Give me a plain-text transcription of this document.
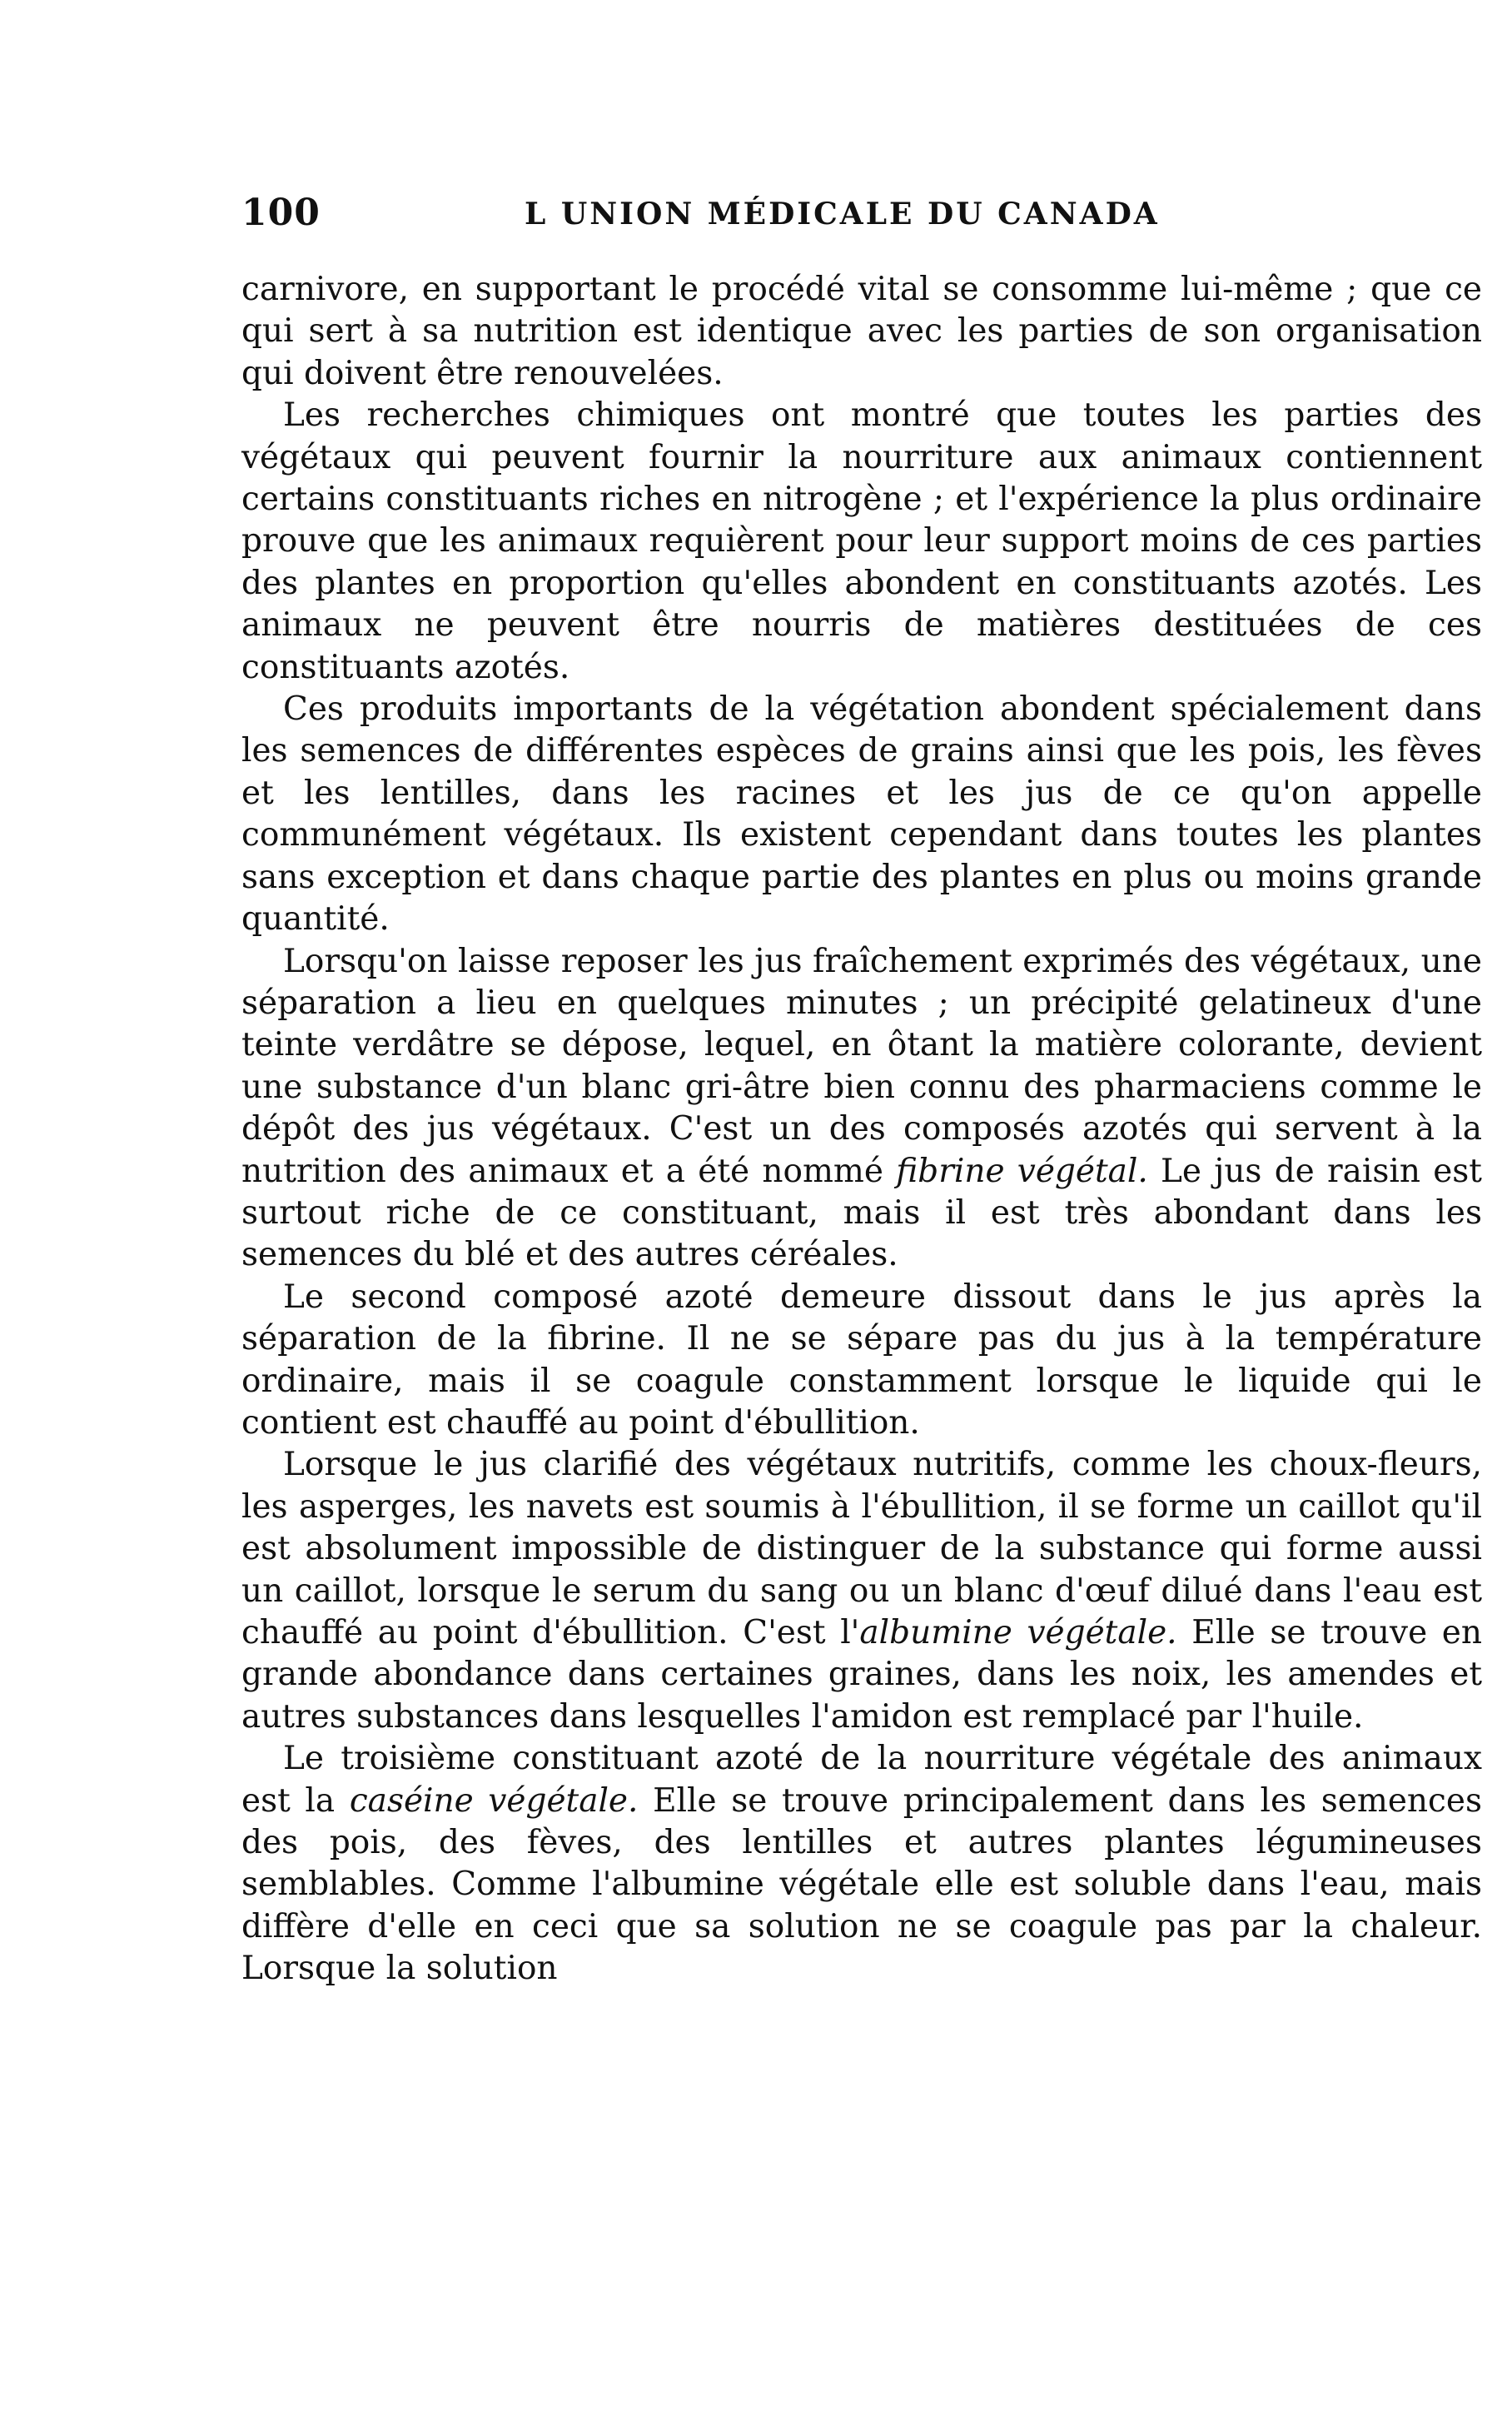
100	L UNION MÉDICALE DU CANADA

carnivore, en supportant le procédé vital se consomme lui-même ; que ce qui sert à sa nutrition est identique avec les parties de son organisation qui doivent être renouvelées.

Les recherches chimiques ont montré que toutes les parties des végétaux qui peuvent fournir la nourriture aux animaux contiennent certains constituants riches en nitrogène ; et l'expérience la plus ordinaire prouve que les animaux requièrent pour leur support moins de ces parties des plantes en proportion qu'elles abondent en constituants azotés. Les animaux ne peuvent être nourris de matières destituées de ces constituants azotés.

Ces produits importants de la végétation abondent spécialement dans les semences de différentes espèces de grains ainsi que les pois, les fèves et les lentilles, dans les racines et les jus de ce qu'on appelle communément végétaux. Ils existent cependant dans toutes les plantes sans exception et dans chaque partie des plantes en plus ou moins grande quantité.

Lorsqu'on laisse reposer les jus fraîchement exprimés des végétaux, une séparation a lieu en quelques minutes ; un précipité gelatineux d'une teinte verdâtre se dépose, lequel, en ôtant la matière colorante, devient une substance d'un blanc gri-âtre bien connu des pharmaciens comme le dépôt des jus végétaux. C'est un des composés azotés qui servent à la nutrition des animaux et a été nommé fibrine végétal. Le jus de raisin est surtout riche de ce constituant, mais il est très abondant dans les semences du blé et des autres céréales.

Le second composé azoté demeure dissout dans le jus après la séparation de la fibrine. Il ne se sépare pas du jus à la température ordinaire, mais il se coagule constamment lorsque le liquide qui le contient est chauffé au point d'ébullition.

Lorsque le jus clarifié des végétaux nutritifs, comme les choux-fleurs, les asperges, les navets est soumis à l'ébullition, il se forme un caillot qu'il est absolument impossible de distinguer de la substance qui forme aussi un caillot, lorsque le serum du sang ou un blanc d'œuf dilué dans l'eau est chauffé au point d'ébullition. C'est l'albumine végétale. Elle se trouve en grande abondance dans certaines graines, dans les noix, les amendes et autres substances dans lesquelles l'amidon est remplacé par l'huile.

Le troisième constituant azoté de la nourriture végétale des animaux est la caséine végétale. Elle se trouve principalement dans les semences des pois, des fèves, des lentilles et autres plantes légumineuses semblables. Comme l'albumine végétale elle est soluble dans l'eau, mais diffère d'elle en ceci que sa solution ne se coagule pas par la chaleur. Lorsque la solution
